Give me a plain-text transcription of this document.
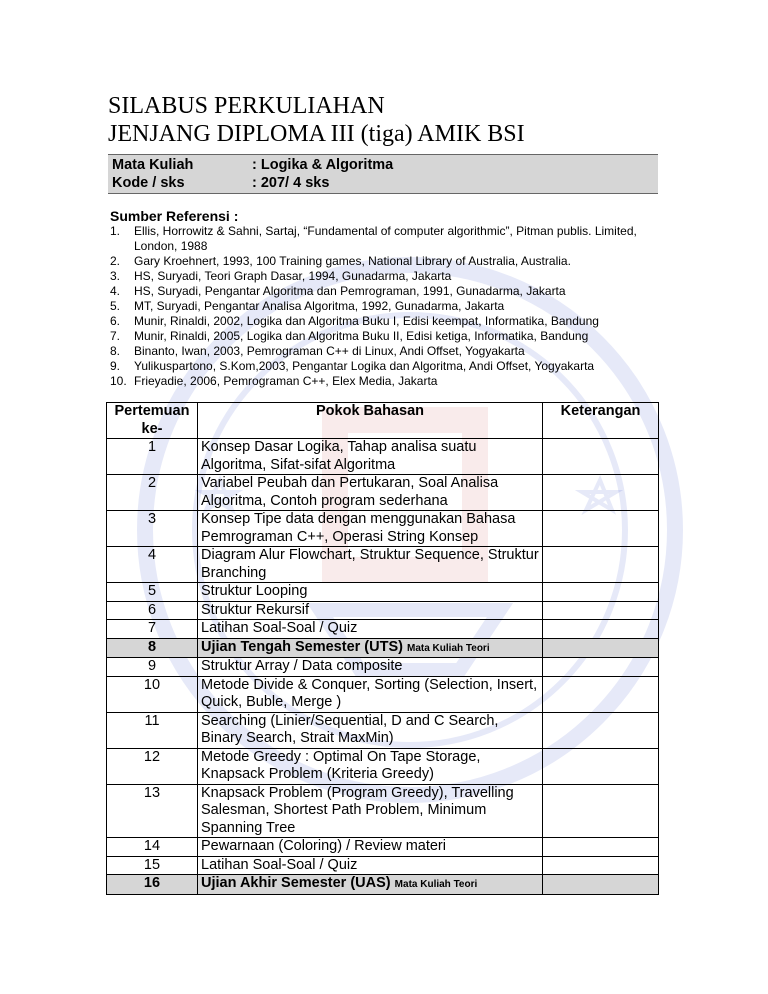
SILABUS PERKULIAHAN
JENJANG DIPLOMA III (tiga) AMIK BSI
Mata Kuliah	: Logika & Algoritma
Kode / sks	: 207/ 4 sks
Sumber Referensi :
1. Ellis, Horrowitz & Sahni, Sartaj, “Fundamental of computer algorithmic”, Pitman publis. Limited, London, 1988
2. Gary Kroehnert, 1993, 100 Training games, National Library of Australia, Australia.
3. HS, Suryadi, Teori Graph Dasar, 1994, Gunadarma, Jakarta
4. HS, Suryadi, Pengantar Algoritma dan Pemrograman, 1991, Gunadarma, Jakarta
5. MT, Suryadi, Pengantar Analisa Algoritma, 1992, Gunadarma, Jakarta
6. Munir, Rinaldi, 2002, Logika dan Algoritma Buku I, Edisi keempat, Informatika, Bandung
7. Munir, Rinaldi, 2005, Logika dan Algoritma Buku II, Edisi ketiga, Informatika, Bandung
8. Binanto, Iwan, 2003, Pemrograman C++ di Linux, Andi Offset, Yogyakarta
9. Yulikuspartono, S.Kom,2003, Pengantar Logika dan Algoritma, Andi Offset, Yogyakarta
10. Frieyadie, 2006, Pemrograman C++, Elex Media, Jakarta
Pertemuan ke-	Pokok Bahasan	Keterangan
1	Konsep Dasar Logika, Tahap analisa suatu Algoritma, Sifat-sifat Algoritma	
2	Variabel Peubah dan Pertukaran, Soal Analisa Algoritma, Contoh program sederhana	
3	Konsep Tipe data dengan menggunakan Bahasa Pemrograman C++, Operasi String Konsep	
4	Diagram Alur Flowchart, Struktur Sequence, Struktur Branching	
5	Struktur Looping	
6	Struktur Rekursif	
7	Latihan Soal-Soal / Quiz	
8	Ujian Tengah Semester (UTS) Mata Kuliah Teori	
9	Struktur Array / Data composite	
10	Metode Divide & Conquer, Sorting (Selection, Insert, Quick, Buble, Merge )	
11	Searching (Linier/Sequential, D and C Search, Binary Search, Strait MaxMin)	
12	Metode Greedy : Optimal On Tape Storage, Knapsack Problem (Kriteria Greedy)	
13	Knapsack Problem (Program Greedy), Travelling Salesman, Shortest Path Problem, Minimum Spanning Tree	
14	Pewarnaan (Coloring) / Review materi	
15	Latihan Soal-Soal / Quiz	
16	Ujian Akhir Semester (UAS) Mata Kuliah Teori	
